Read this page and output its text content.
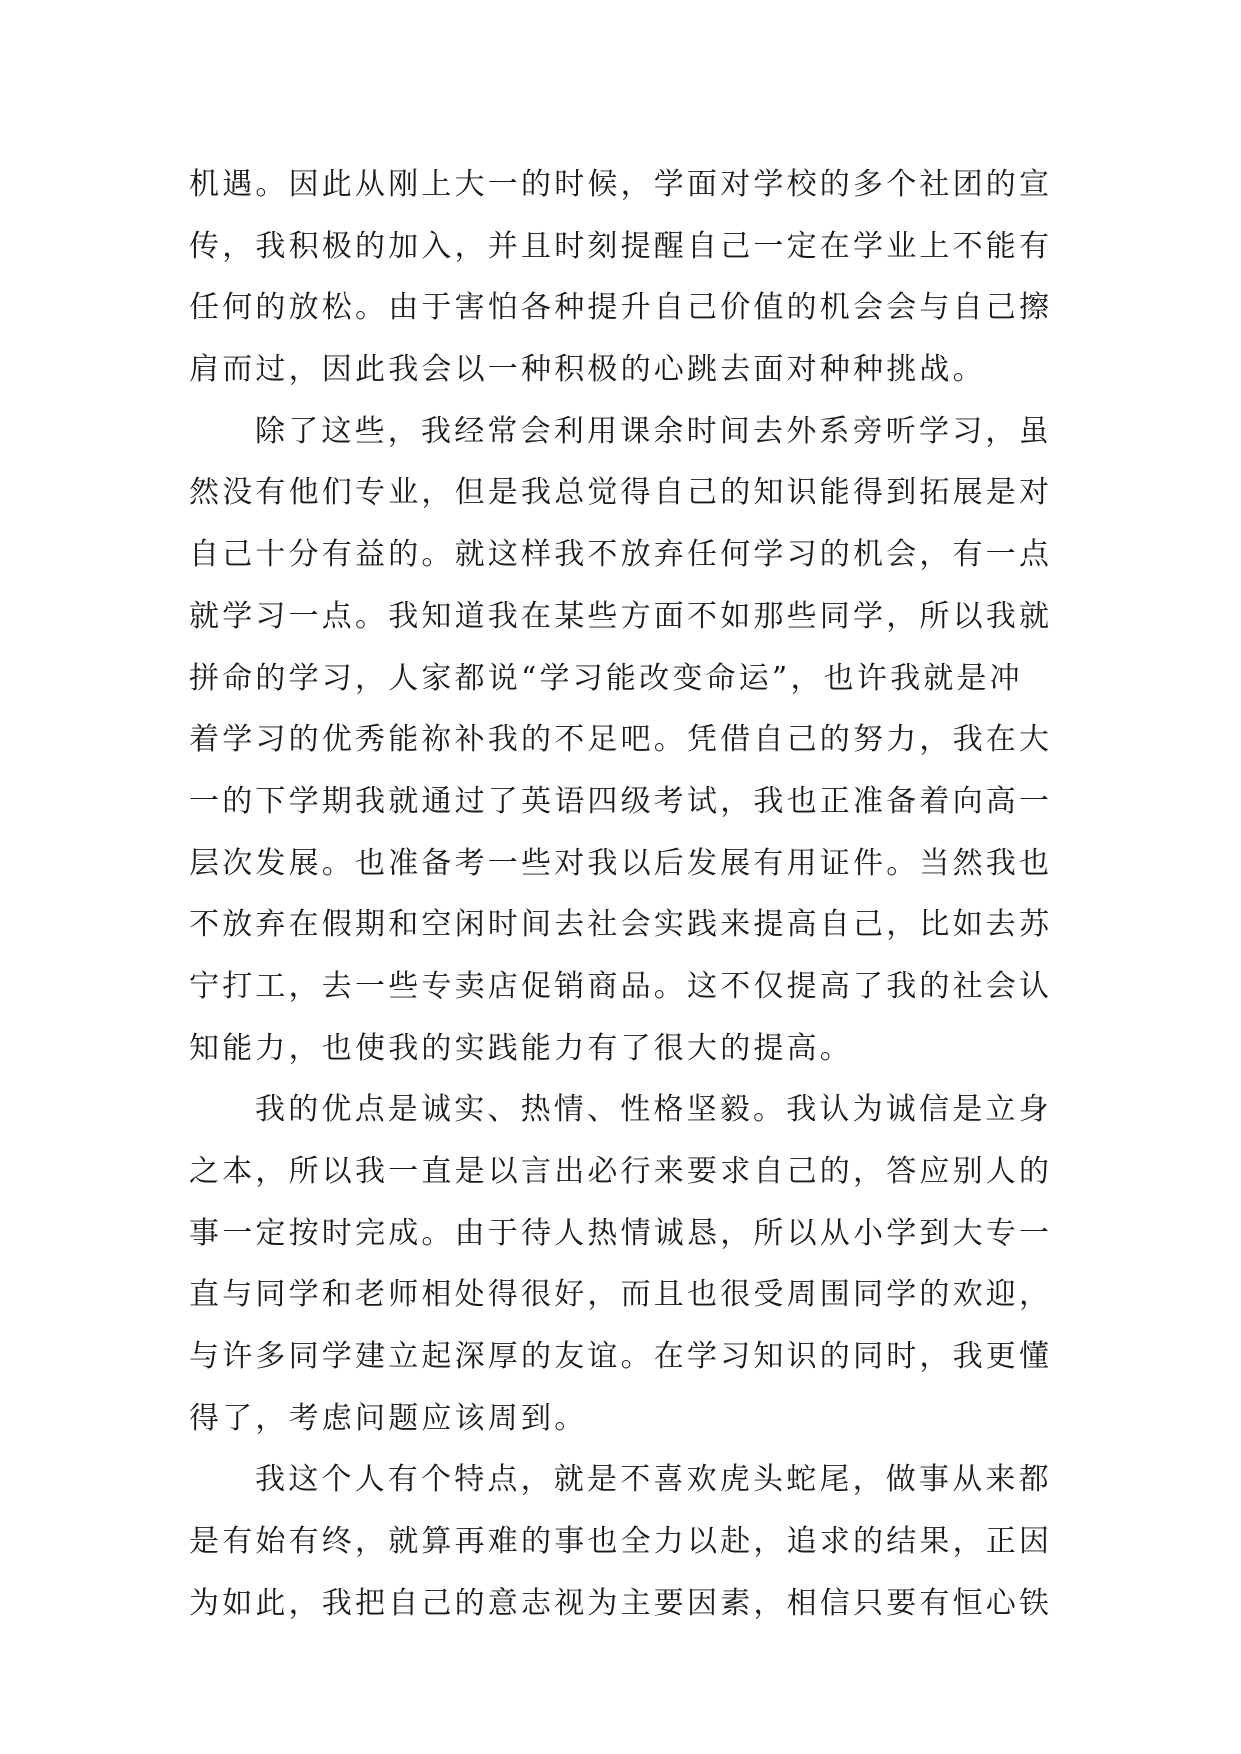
机遇。因此从刚上大一的时候，学面对学校的多个社团的宣
传，我积极的加入，并且时刻提醒自己一定在学业上不能有
任何的放松。由于害怕各种提升自己价值的机会会与自己擦
肩而过，因此我会以一种积极的心跳去面对种种挑战。
除了这些，我经常会利用课余时间去外系旁听学习，虽
然没有他们专业，但是我总觉得自己的知识能得到拓展是对
自己十分有益的。就这样我不放弃任何学习的机会，有一点
就学习一点。我知道我在某些方面不如那些同学，所以我就
拼命的学习，人家都说“学习能改变命运”，也许我就是冲
着学习的优秀能祢补我的不足吧。凭借自己的努力，我在大
一的下学期我就通过了英语四级考试，我也正准备着向高一
层次发展。也准备考一些对我以后发展有用证件。当然我也
不放弃在假期和空闲时间去社会实践来提高自己，比如去苏
宁打工，去一些专卖店促销商品。这不仅提高了我的社会认
知能力，也使我的实践能力有了很大的提高。
我的优点是诚实、热情、性格坚毅。我认为诚信是立身
之本，所以我一直是以言出必行来要求自己的，答应别人的
事一定按时完成。由于待人热情诚恳，所以从小学到大专一
直与同学和老师相处得很好，而且也很受周围同学的欢迎，
与许多同学建立起深厚的友谊。在学习知识的同时，我更懂
得了，考虑问题应该周到。
我这个人有个特点，就是不喜欢虎头蛇尾，做事从来都
是有始有终，就算再难的事也全力以赴，追求的结果，正因
为如此，我把自己的意志视为主要因素，相信只要有恒心铁
